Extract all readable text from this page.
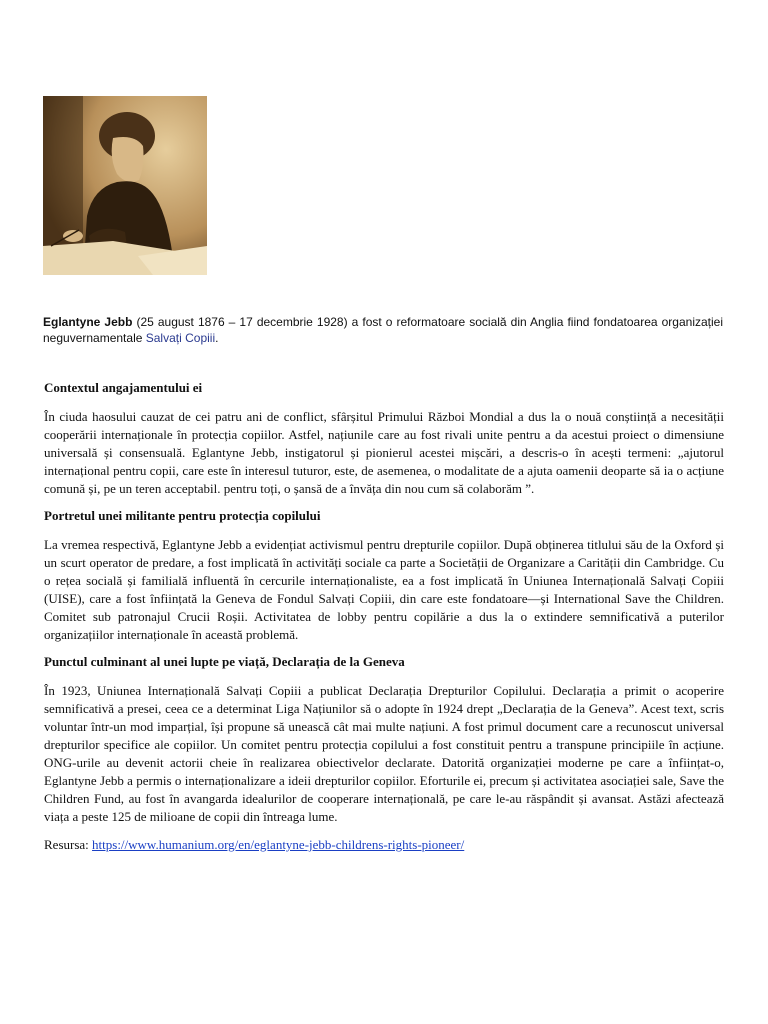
Eglantyne Jebb (25 august 1876 – 17 decembrie 1928) a fost o reformatoare socială din Anglia fiind fondatoarea organizației neguvernamentale Salvați Copiii.
Contextul angajamentului ei

În ciuda haosului cauzat de cei patru ani de conflict, sfârșitul Primului Război Mondial a dus la o nouă conștiință a necesității cooperării internaționale în protecția copiilor. Astfel, națiunile care au fost rivali unite pentru a da acestui proiect o dimensiune universală și consensuală. Eglantyne Jebb, instigatorul și pionierul acestei mișcări, a descris-o în acești termeni: „ajutorul internațional pentru copii, care este în interesul tuturor, este, de asemenea, o modalitate de a ajuta oamenii deoparte să ia o acțiune comună și, pe un teren acceptabil. pentru toți, o șansă de a învăța din nou cum să colaborăm ”.

Portretul unei militante pentru protecția copilului

La vremea respectivă, Eglantyne Jebb a evidențiat activismul pentru drepturile copiilor. După obținerea titlului său de la Oxford și un scurt operator de predare, a fost implicată în activități sociale ca parte a Societății de Organizare a Carității din Cambridge. Cu o rețea socială și familială influentă în cercurile internaționaliste, ea a fost implicată în Uniunea Internațională Salvați Copiii (UISE), care a fost înființată la Geneva de Fondul Salvați Copiii, din care este fondatoare—și International Save the Children. Comitet sub patronajul Crucii Roșii. Activitatea de lobby pentru copilărie a dus la o extindere semnificativă a puterilor organizațiilor internaționale în această problemă.

Punctul culminant al unei lupte pe viață, Declarația de la Geneva

În 1923, Uniunea Internațională Salvați Copiii a publicat Declarația Drepturilor Copilului. Declarația a primit o acoperire semnificativă a presei, ceea ce a determinat Liga Națiunilor să o adopte în 1924 drept „Declarația de la Geneva”. Acest text, scris voluntar într-un mod imparțial, își propune să unească cât mai multe națiuni. A fost primul document care a recunoscut universal drepturilor specifice ale copiilor. Un comitet pentru protecția copilului a fost constituit pentru a transpune principiile în acțiune. ONG-urile au devenit actorii cheie în realizarea obiectivelor declarate. Datorită organizației moderne pe care a înființat-o, Eglantyne Jebb a permis o internaționalizare a ideii drepturilor copiilor. Eforturile ei, precum și activitatea asociației sale, Save the Children Fund, au fost în avangarda idealurilor de cooperare internațională, pe care le-au răspândit și avansat. Astăzi afectează viața a peste 125 de milioane de copii din întreaga lume.

Resursa: https://www.humanium.org/en/eglantyne-jebb-childrens-rights-pioneer/
